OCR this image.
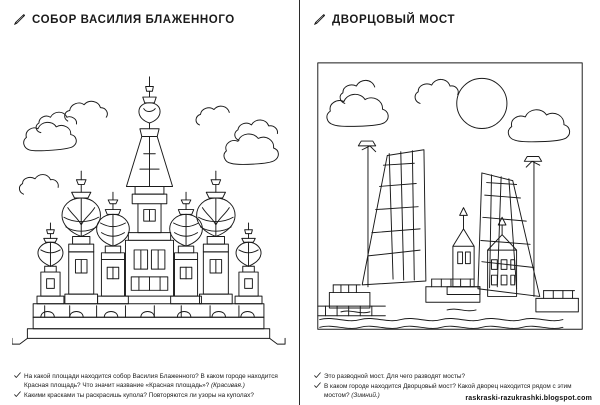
СОБОР ВАСИЛИЯ БЛАЖЕННОГО
На какой площади находится собор Василия Блаженного? В каком городе находится Красная площадь? Что значит название «Красная площадь»? (Красивая.)
Какими красками ты раскрасишь купола? Повторяются ли узоры на куполах?
ДВОРЦОВЫЙ МОСТ
Это разводной мост. Для чего разводят мосты?
В каком городе находится Дворцовый мост? Какой дворец находится рядом с этим мостом? (Зимний.)	raskraski-razukrashki.blogspot.com
